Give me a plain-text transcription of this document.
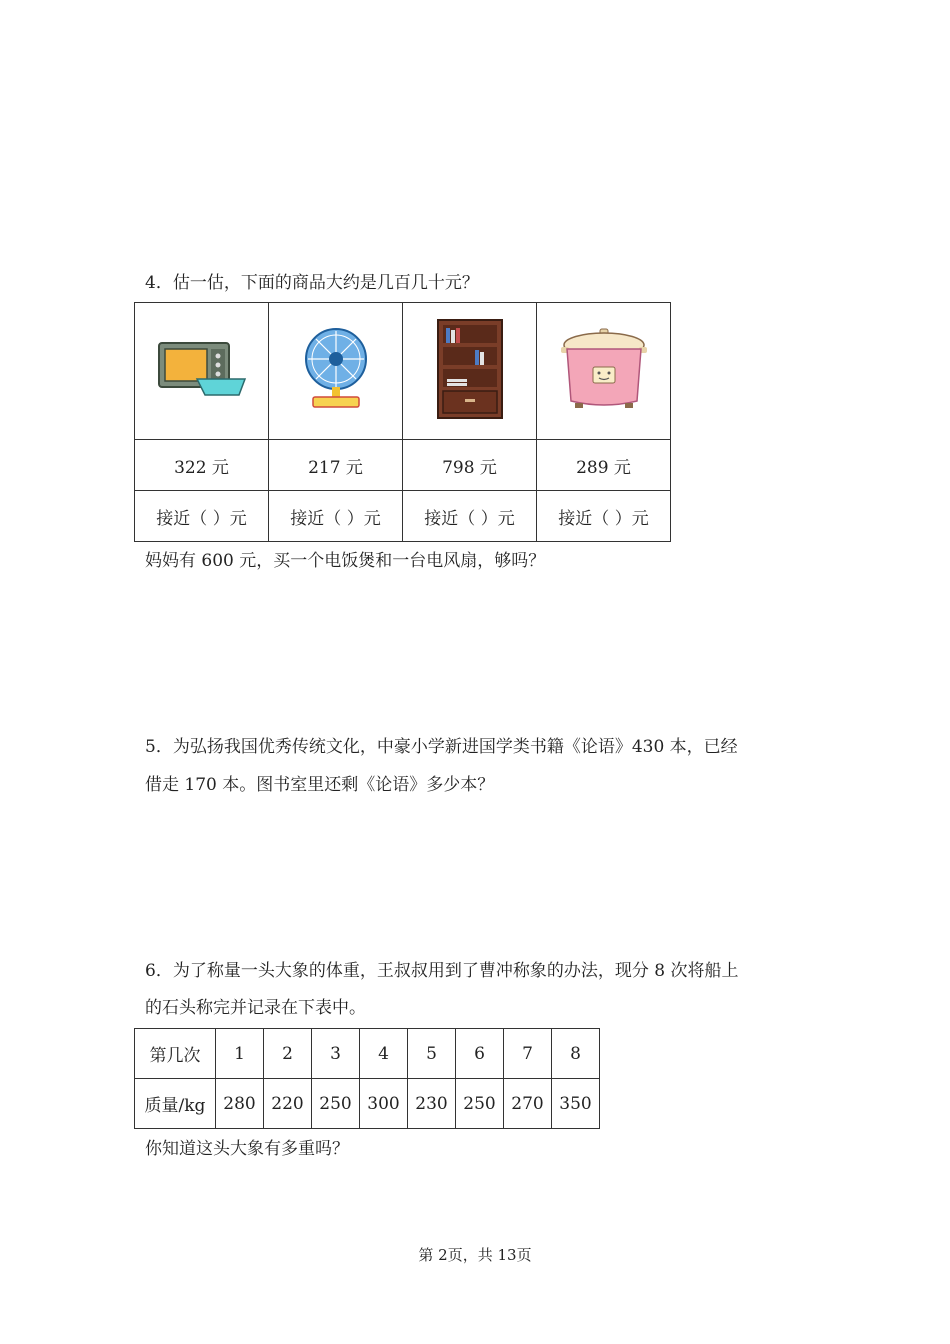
4．估一估，下面的商品大约是几百几十元？

322 元	217 元	798 元	289 元
接近（ ）元	接近（ ）元	接近（ ）元	接近（ ）元
妈妈有 600 元，买一个电饭煲和一台电风扇，够吗？
5．为弘扬我国优秀传统文化，中豪小学新进国学类书籍《论语》430 本，已经
借走 170 本。图书室里还剩《论语》多少本？
6．为了称量一头大象的体重，王叔叔用到了曹冲称象的办法，现分 8 次将船上
的石头称完并记录在下表中。
第几次	1	2	3	4	5	6	7	8
质量/kg	280	220	250	300	230	250	270	350
你知道这头大象有多重吗？
第 2页，共 13页
